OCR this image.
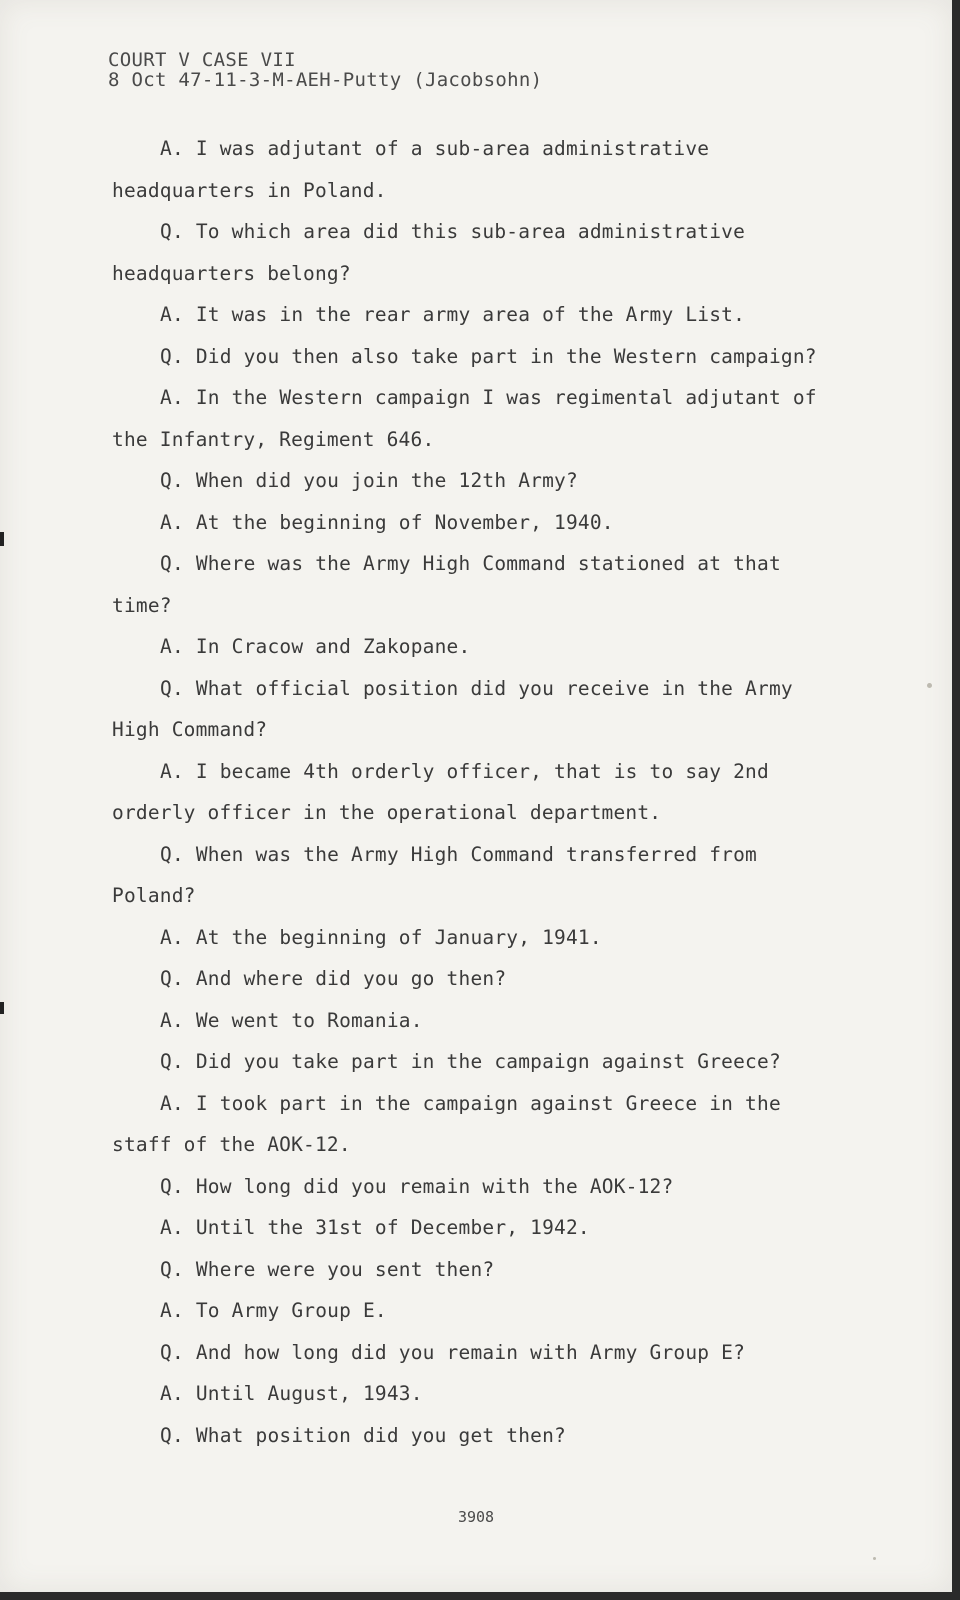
COURT V CASE VII
8 Oct 47-11-3-M-AEH-Putty (Jacobsohn)

A. I was adjutant of a sub-area administrative headquarters in Poland.

Q. To which area did this sub-area administrative headquarters belong?

A. It was in the rear army area of the Army List.

Q. Did you then also take part in the Western campaign?

A. In the Western campaign I was regimental adjutant of the Infantry, Regiment 646.

Q. When did you join the 12th Army?

A. At the beginning of November, 1940.

Q. Where was the Army High Command stationed at that time?

A. In Cracow and Zakopane.

Q. What official position did you receive in the Army High Command?

A. I became 4th orderly officer, that is to say 2nd orderly officer in the operational department.

Q. When was the Army High Command transferred from Poland?

A. At the beginning of January, 1941.

Q. And where did you go then?

A. We went to Romania.

Q. Did you take part in the campaign against Greece?

A. I took part in the campaign against Greece in the staff of the AOK-12.

Q. How long did you remain with the AOK-12?

A. Until the 31st of December, 1942.

Q. Where were you sent then?

A. To Army Group E.

Q. And how long did you remain with Army Group E?

A. Until August, 1943.

Q. What position did you get then?

3908
